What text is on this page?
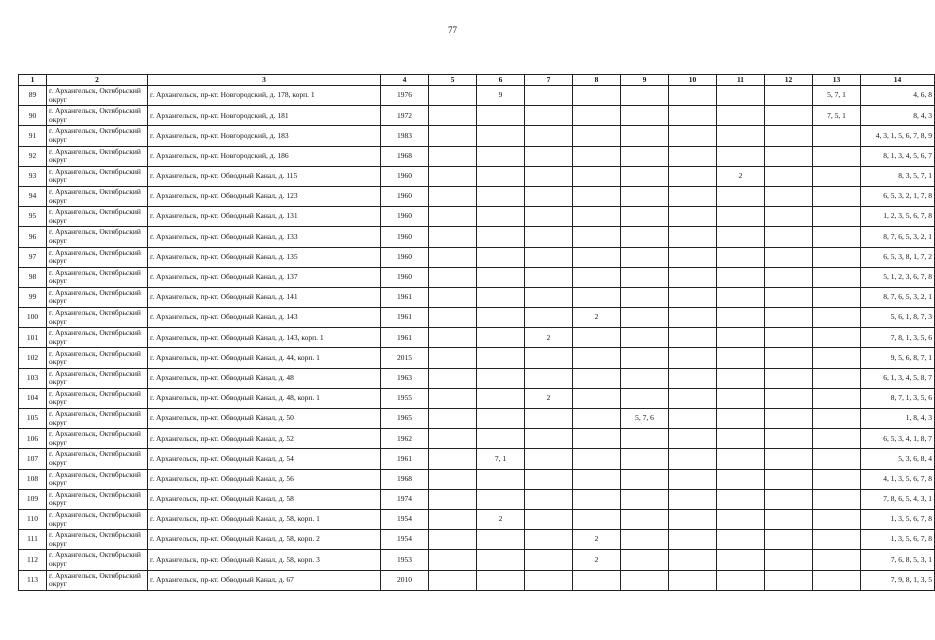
77
1	2	3	4	5	6	7	8	9	10	11	12	13	14
89	г. Архангельск, Октябрьский округ	г. Архангельск, пр-кт. Новгородский, д. 178, корп. 1	1976		9							5, 7, 1	4, 6, 8
90	г. Архангельск, Октябрьский округ	г. Архангельск, пр-кт. Новгородский, д. 181	1972									7, 5, 1	8, 4, 3
91	г. Архангельск, Октябрьский округ	г. Архангельск, пр-кт. Новгородский, д. 183	1983										4, 3, 1, 5, 6, 7, 8, 9
92	г. Архангельск, Октябрьский округ	г. Архангельск, пр-кт. Новгородский, д. 186	1968										8, 1, 3, 4, 5, 6, 7
93	г. Архангельск, Октябрьский округ	г. Архангельск, пр-кт. Обводный Канал, д. 115	1960							2			8, 3, 5, 7, 1
94	г. Архангельск, Октябрьский округ	г. Архангельск, пр-кт. Обводный Канал, д. 123	1960										6, 5, 3, 2, 1, 7, 8
95	г. Архангельск, Октябрьский округ	г. Архангельск, пр-кт. Обводный Канал, д. 131	1960										1, 2, 3, 5, 6, 7, 8
96	г. Архангельск, Октябрьский округ	г. Архангельск, пр-кт. Обводный Канал, д. 133	1960										8, 7, 6, 5, 3, 2, 1
97	г. Архангельск, Октябрьский округ	г. Архангельск, пр-кт. Обводный Канал, д. 135	1960										6, 5, 3, 8, 1, 7, 2
98	г. Архангельск, Октябрьский округ	г. Архангельск, пр-кт. Обводный Канал, д. 137	1960										5, 1, 2, 3, 6, 7, 8
99	г. Архангельск, Октябрьский округ	г. Архангельск, пр-кт. Обводный Канал, д. 141	1961										8, 7, 6, 5, 3, 2, 1
100	г. Архангельск, Октябрьский округ	г. Архангельск, пр-кт. Обводный Канал, д. 143	1961				2						5, 6, 1, 8, 7, 3
101	г. Архангельск, Октябрьский округ	г. Архангельск, пр-кт. Обводный Канал, д. 143, корп. 1	1961			2							7, 8, 1, 3, 5, 6
102	г. Архангельск, Октябрьский округ	г. Архангельск, пр-кт. Обводный Канал, д. 44, корп. 1	2015										9, 5, 6, 8, 7, 1
103	г. Архангельск, Октябрьский округ	г. Архангельск, пр-кт. Обводный Канал, д. 48	1963										6, 1, 3, 4, 5, 8, 7
104	г. Архангельск, Октябрьский округ	г. Архангельск, пр-кт. Обводный Канал, д. 48, корп. 1	1955			2							8, 7, 1, 3, 5, 6
105	г. Архангельск, Октябрьский округ	г. Архангельск, пр-кт. Обводный Канал, д. 50	1965					5, 7, 6					1, 8, 4, 3
106	г. Архангельск, Октябрьский округ	г. Архангельск, пр-кт. Обводный Канал, д. 52	1962										6, 5, 3, 4, 1, 8, 7
107	г. Архангельск, Октябрьский округ	г. Архангельск, пр-кт. Обводный Канал, д. 54	1961		7, 1								5, 3, 6, 8, 4
108	г. Архангельск, Октябрьский округ	г. Архангельск, пр-кт. Обводный Канал, д. 56	1968										4, 1, 3, 5, 6, 7, 8
109	г. Архангельск, Октябрьский округ	г. Архангельск, пр-кт. Обводный Канал, д. 58	1974										7, 8, 6, 5, 4, 3, 1
110	г. Архангельск, Октябрьский округ	г. Архангельск, пр-кт. Обводный Канал, д. 58, корп. 1	1954		2								1, 3, 5, 6, 7, 8
111	г. Архангельск, Октябрьский округ	г. Архангельск, пр-кт. Обводный Канал, д. 58, корп. 2	1954				2						1, 3, 5, 6, 7, 8
112	г. Архангельск, Октябрьский округ	г. Архангельск, пр-кт. Обводный Канал, д. 58, корп. 3	1953				2						7, 6, 8, 5, 3, 1
113	г. Архангельск, Октябрьский округ	г. Архангельск, пр-кт. Обводный Канал, д. 67	2010										7, 9, 8, 1, 3, 5
